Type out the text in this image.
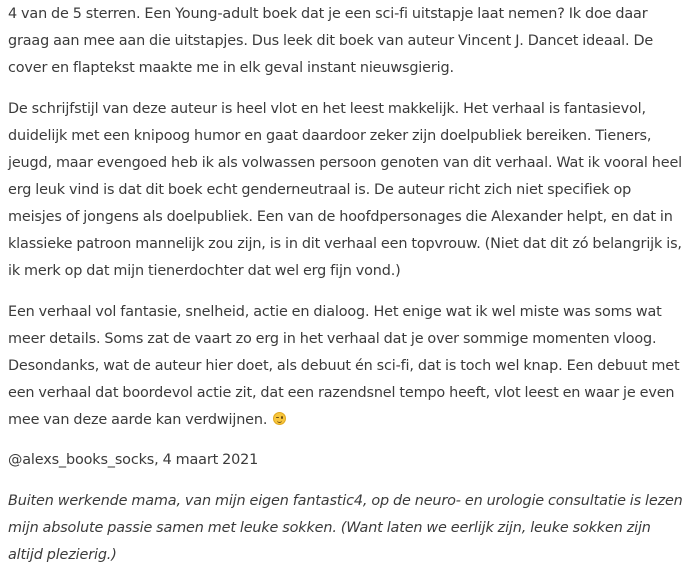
4 van de 5 sterren. Een Young-adult boek dat je een sci-fi uitstapje laat nemen? Ik doe daar graag aan mee aan die uitstapjes. Dus leek dit boek van auteur Vincent J. Dancet ideaal. De cover en flaptekst maakte me in elk geval instant nieuwsgierig.

De schrijfstijl van deze auteur is heel vlot en het leest makkelijk. Het verhaal is fantasievol, duidelijk met een knipoog humor en gaat daardoor zeker zijn doelpubliek bereiken. Tieners, jeugd, maar evengoed heb ik als volwassen persoon genoten van dit verhaal. Wat ik vooral heel erg leuk vind is dat dit boek echt genderneutraal is. De auteur richt zich niet specifiek op meisjes of jongens als doelpubliek. Een van de hoofdpersonages die Alexander helpt, en dat in klassieke patroon mannelijk zou zijn, is in dit verhaal een topvrouw. (Niet dat dit zó belangrijk is, ik merk op dat mijn tienerdochter dat wel erg fijn vond.)

Een verhaal vol fantasie, snelheid, actie en dialoog. Het enige wat ik wel miste was soms wat meer details. Soms zat de vaart zo erg in het verhaal dat je over sommige momenten vloog. Desondanks, wat de auteur hier doet, als debuut én sci-fi, dat is toch wel knap. Een debuut met een verhaal dat boordevol actie zit, dat een razendsnel tempo heeft, vlot leest en waar je even mee van deze aarde kan verdwijnen.

@alexs_books_socks, 4 maart 2021

Buiten werkende mama, van mijn eigen fantastic4, op de neuro- en urologie consultatie is lezen mijn absolute passie samen met leuke sokken. (Want laten we eerlijk zijn, leuke sokken zijn altijd plezierig.)
